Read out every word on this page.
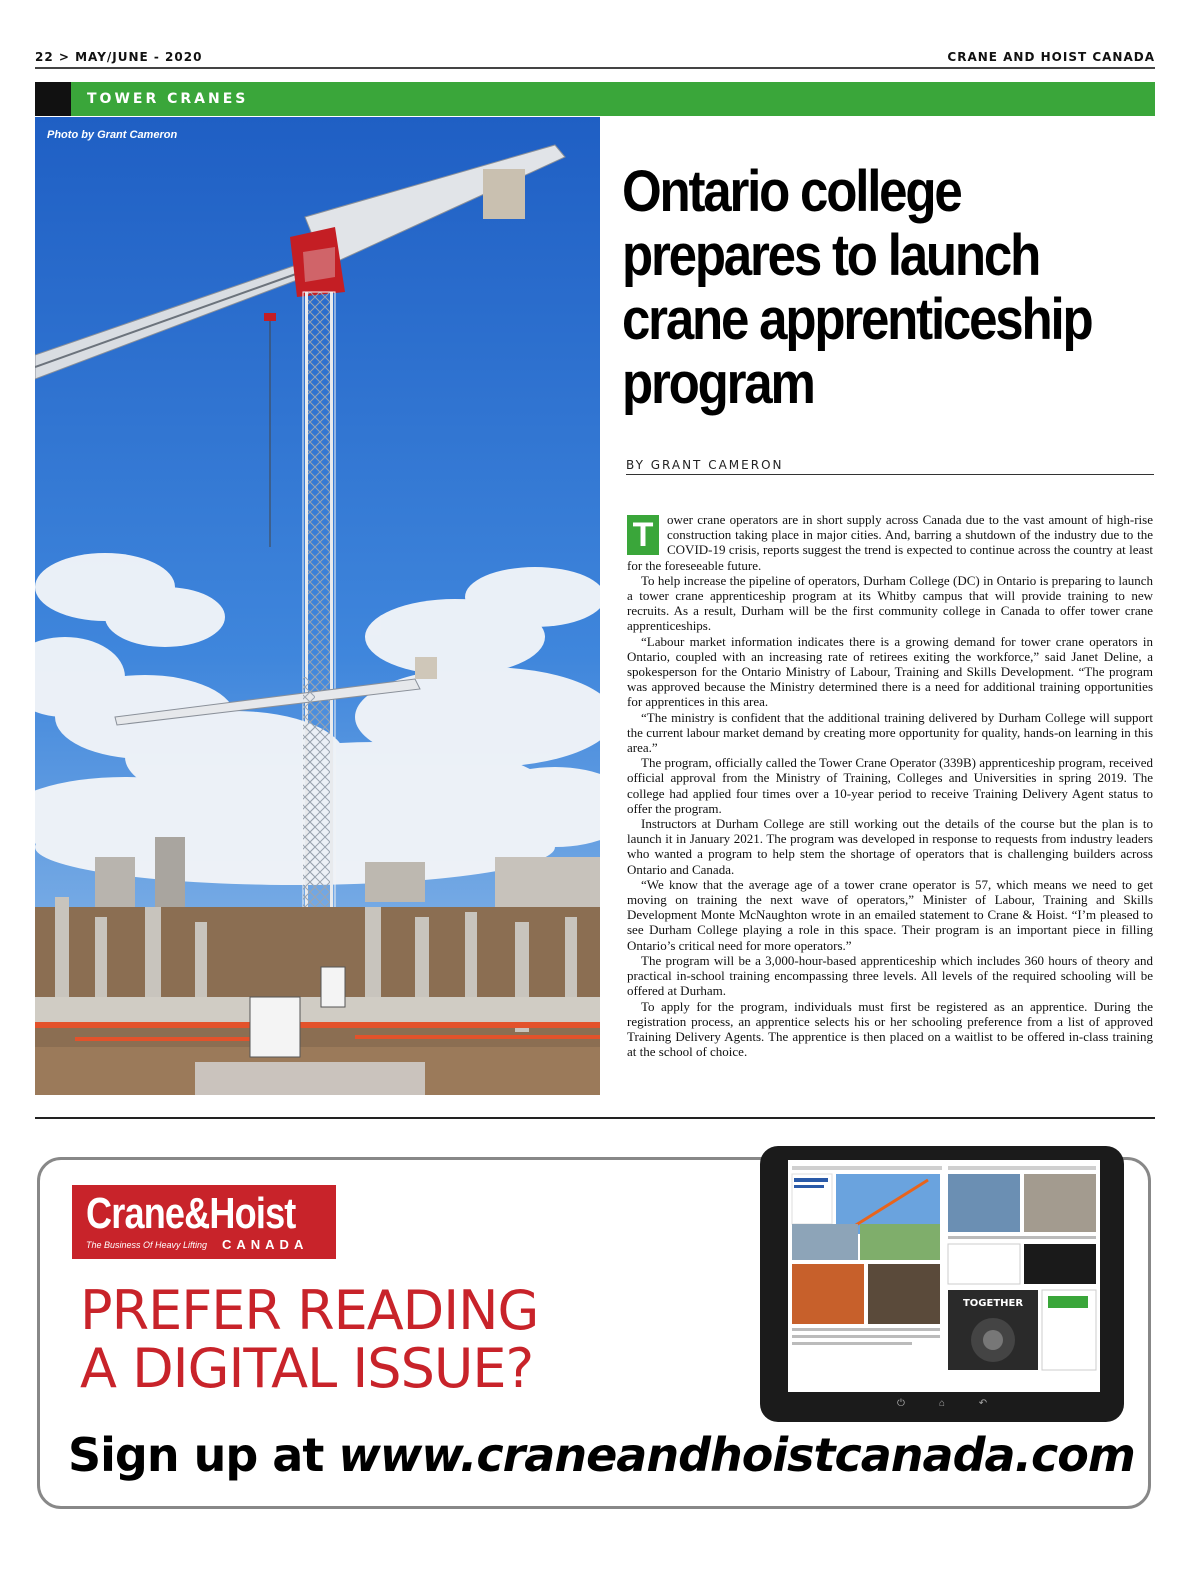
22 > MAY/JUNE - 2020	CRANE AND HOIST CANADA
TOWER CRANES
Photo by Grant Cameron
Ontario college
prepares to launch
crane apprenticeship
program
BY GRANT CAMERON

T	ower crane operators are in short supply across Canada due to the vast amount of high-rise construction taking place in major cities. And, barring a shutdown of the industry due to the COVID-19 crisis, reports suggest the trend is expected to continue across the country at least for the foreseeable future.

To help increase the pipeline of operators, Durham College (DC) in Ontario is preparing to launch a tower crane apprenticeship program at its Whitby campus that will provide training to new recruits. As a result, Durham will be the first community college in Canada to offer tower crane apprenticeships.

“Labour market information indicates there is a growing demand for tower crane operators in Ontario, coupled with an increasing rate of retirees exiting the workforce,” said Janet Deline, a spokesperson for the Ontario Ministry of Labour, Training and Skills Development. “The program was approved because the Ministry determined there is a need for additional training opportunities for apprentices in this area.

“The ministry is confident that the additional training delivered by Durham College will support the current labour market demand by creating more opportunity for quality, hands-on learning in this area.”

The program, officially called the Tower Crane Operator (339B) apprenticeship program, received official approval from the Ministry of Training, Colleges and Universities in spring 2019. The college had applied four times over a 10-year period to receive Training Delivery Agent status to offer the program.

Instructors at Durham College are still working out the details of the course but the plan is to launch it in January 2021. The program was developed in response to requests from industry leaders who wanted a program to help stem the shortage of operators that is challenging builders across Ontario and Canada.

“We know that the average age of a tower crane operator is 57, which means we need to get moving on training the next wave of operators,” Minister of Labour, Training and Skills Development Monte McNaughton wrote in an emailed statement to Crane & Hoist. “I’m pleased to see Durham College playing a role in this space. Their program is an important piece in filling Ontario’s critical need for more operators.”

The program will be a 3,000-hour-based apprenticeship which includes 360 hours of theory and practical in-school training encompassing three levels. All levels of the required schooling will be offered at Durham.

To apply for the program, individuals must first be registered as an apprentice. During the registration process, an apprentice selects his or her schooling preference from a list of approved Training Delivery Agents. The apprentice is then placed on a waitlist to be offered in-class training at the school of choice.

Crane&Hoist
The Business Of Heavy Lifting CANADA
PREFER READING
A DIGITAL ISSUE?
Sign up at www.craneandhoistcanada.com
TOGETHER
⏻	⌂	↶
